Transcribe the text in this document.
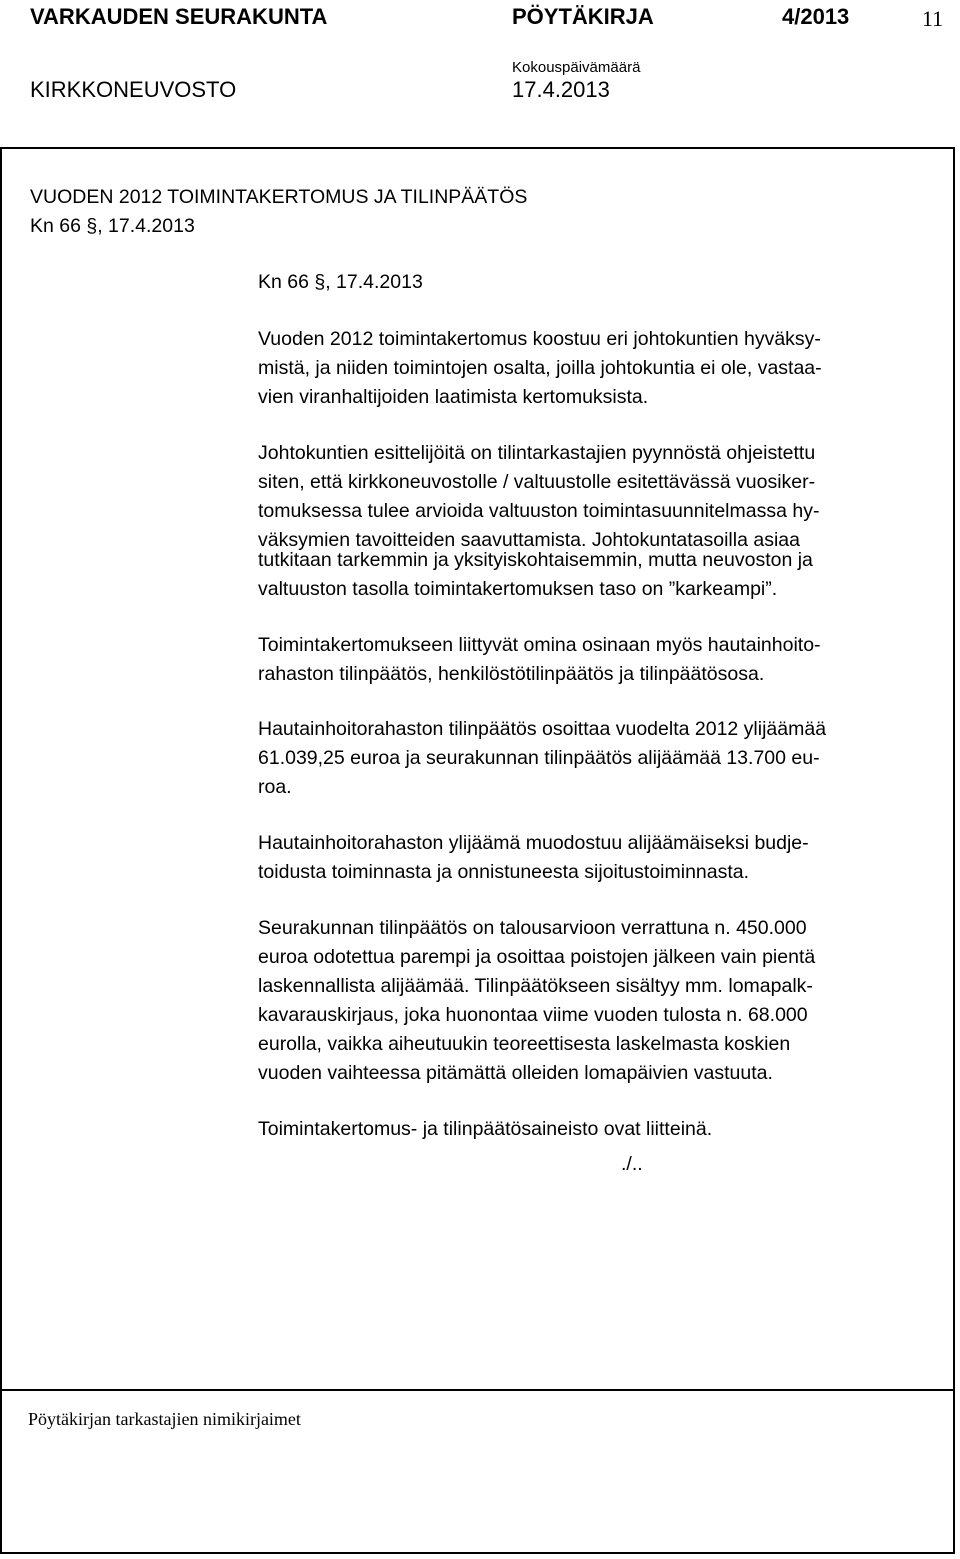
VARKAUDEN SEURAKUNTA	PÖYTÄKIRJA	4/2013	11
Kokouspäivämäärä
KIRKKONEUVOSTO	17.4.2013
VUODEN 2012 TOIMINTAKERTOMUS JA TILINPÄÄTÖS
Kn 66 §, 17.4.2013
Kn 66 §, 17.4.2013
Vuoden 2012 toimintakertomus koostuu eri johtokuntien hyväksy-
mistä, ja niiden toimintojen osalta, joilla johtokuntia ei ole, vastaa-
vien viranhaltijoiden laatimista kertomuksista.
Johtokuntien esittelijöitä on tilintarkastajien pyynnöstä ohjeistettu
siten, että kirkkoneuvostolle / valtuustolle esitettävässä vuosiker-
tomuksessa tulee arvioida valtuuston toimintasuunnitelmassa hy-
väksymien tavoitteiden saavuttamista. Johtokuntatasoilla asiaa
tutkitaan tarkemmin ja yksityiskohtaisemmin, mutta neuvoston ja
valtuuston tasolla toimintakertomuksen taso on ”karkeampi”.
Toimintakertomukseen liittyvät omina osinaan myös hautainhoito-
rahaston tilinpäätös, henkilöstötilinpäätös ja tilinpäätösosa.
Hautainhoitorahaston tilinpäätös osoittaa vuodelta 2012 ylijäämää
61.039,25 euroa ja seurakunnan tilinpäätös alijäämää 13.700 eu-
roa.
Hautainhoitorahaston ylijäämä muodostuu alijäämäiseksi budje-
toidusta toiminnasta ja onnistuneesta sijoitustoiminnasta.
Seurakunnan tilinpäätös on talousarvioon verrattuna n. 450.000
euroa odotettua parempi ja osoittaa poistojen jälkeen vain pientä
laskennallista alijäämää. Tilinpäätökseen sisältyy mm. lomapalk-
kavarauskirjaus, joka huonontaa viime vuoden tulosta n. 68.000
eurolla, vaikka aiheutuukin teoreettisesta laskelmasta koskien
vuoden vaihteessa pitämättä olleiden lomapäivien vastuuta.
Toimintakertomus- ja tilinpäätösaineisto ovat liitteinä.
./..
Pöytäkirjan tarkastajien nimikirjaimet
